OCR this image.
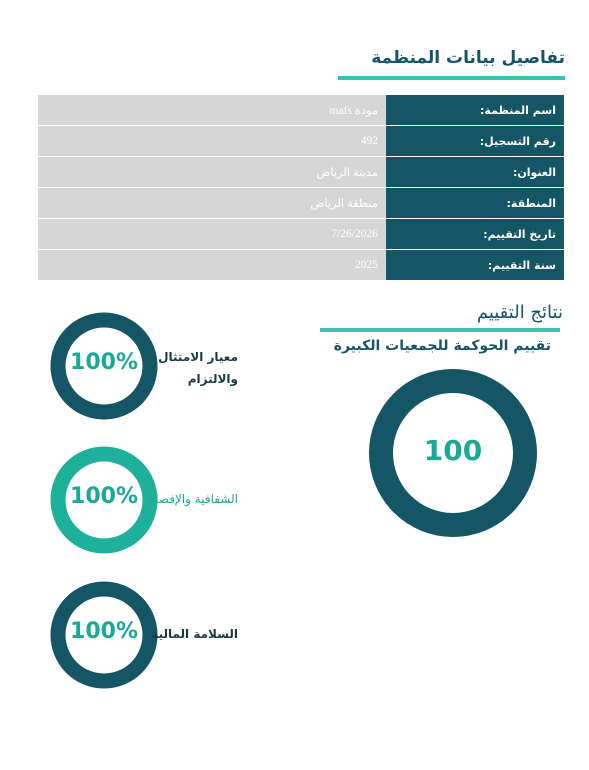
تفاصيل بيانات المنظمة
اسم المنظمة:	مودة mafs
رقم التسجيل:	492
العنوان:	مدينة الرياض
المنطقة:	منطقة الرياض
تاريخ التقييم:	7/26/2026
سنة التقييم:	2025
نتائج التقييم
تقييم الحوكمة للجمعيات الكبيرة
100
100%	معيار الامتثال والالتزام
100% الشفافية والإفصاح
100%	السلامة المالية
